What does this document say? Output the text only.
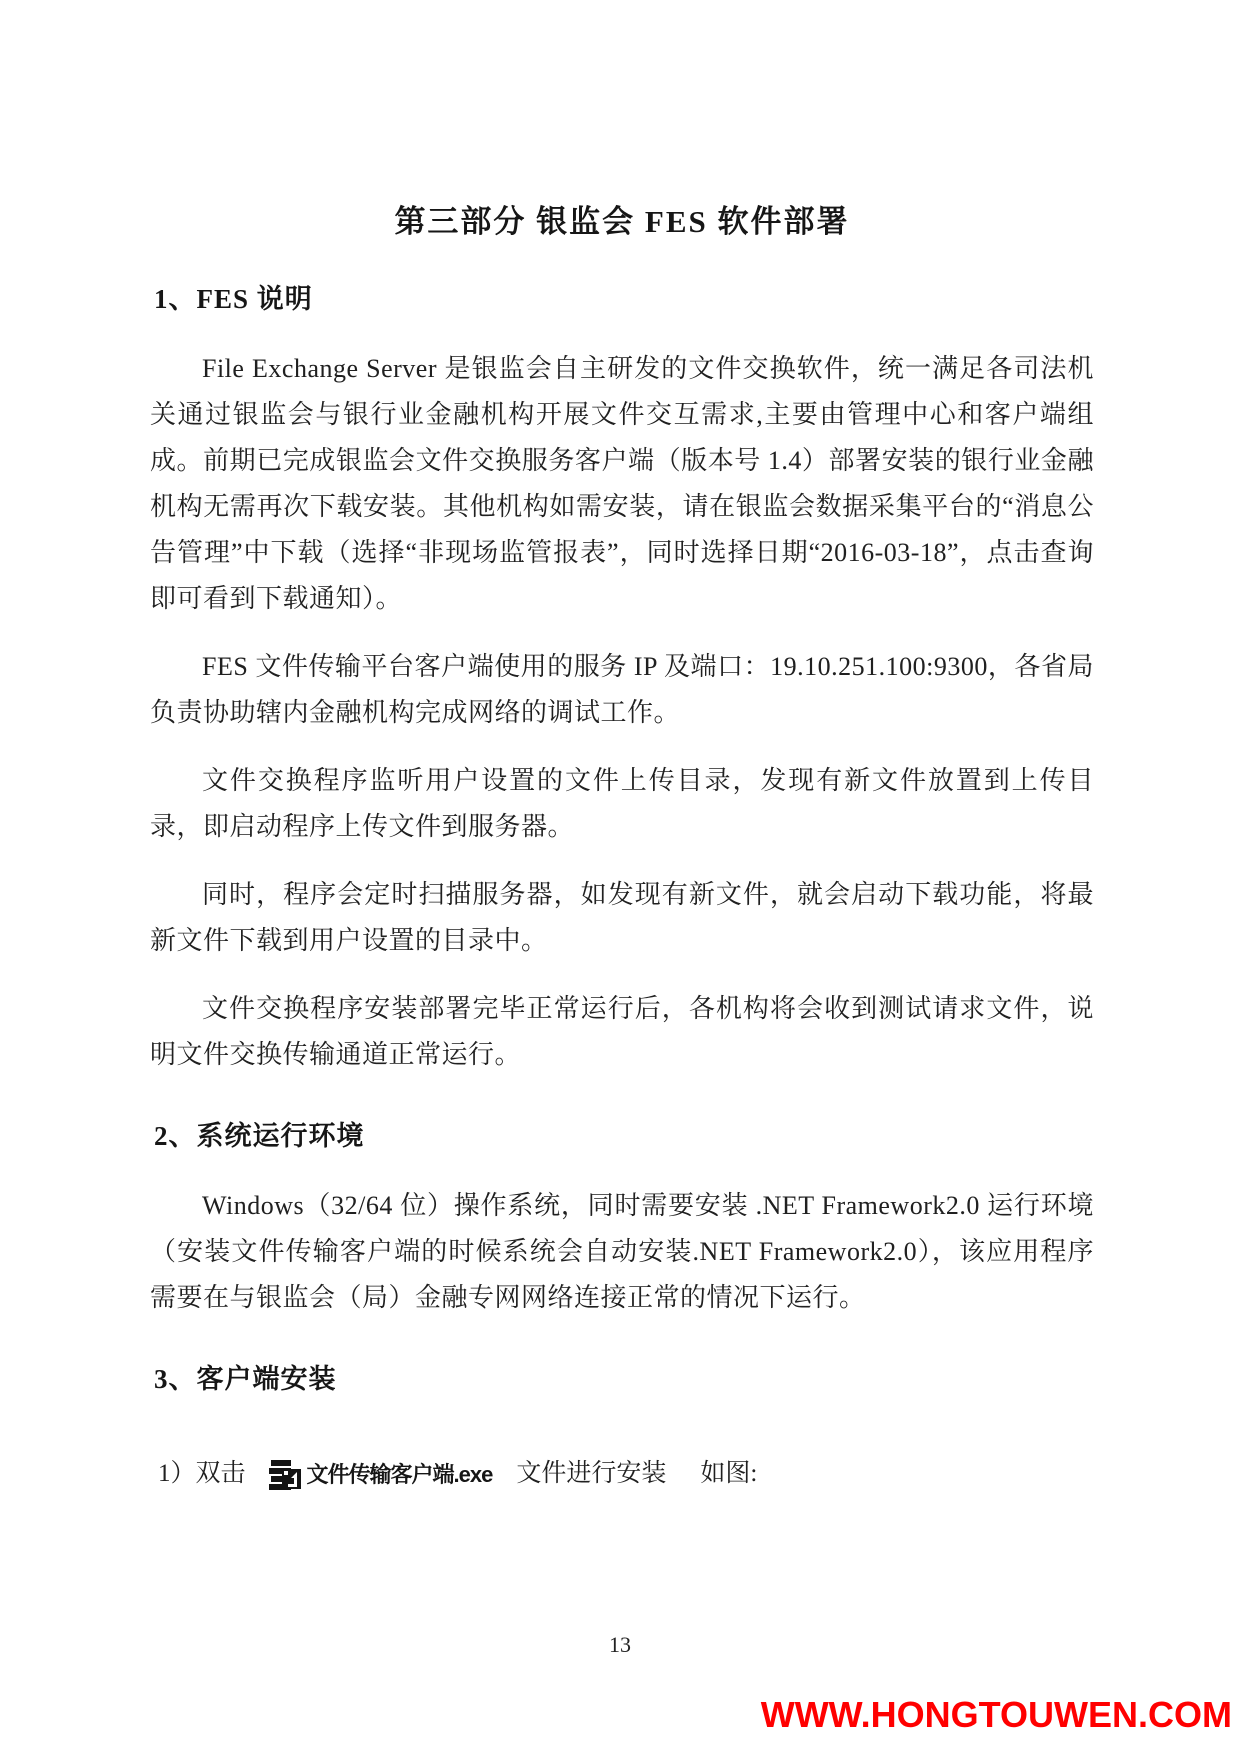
第三部分 银监会 FES 软件部署
1、FES 说明

File Exchange Server 是银监会自主研发的文件交换软件，统一满足各司法机关通过银监会与银行业金融机构开展文件交互需求,主要由管理中心和客户端组成。前期已完成银监会文件交换服务客户端（版本号 1.4）部署安装的银行业金融机构无需再次下载安装。其他机构如需安装，请在银监会数据采集平台的“消息公告管理”中下载（选择“非现场监管报表”，同时选择日期“2016-03-18”，点击查询即可看到下载通知）。

FES 文件传输平台客户端使用的服务 IP 及端口：19.10.251.100:9300，各省局负责协助辖内金融机构完成网络的调试工作。

文件交换程序监听用户设置的文件上传目录，发现有新文件放置到上传目录，即启动程序上传文件到服务器。

同时，程序会定时扫描服务器，如发现有新文件，就会启动下载功能，将最新文件下载到用户设置的目录中。

文件交换程序安装部署完毕正常运行后，各机构将会收到测试请求文件，说明文件交换传输通道正常运行。

2、系统运行环境

Windows（32/64 位）操作系统，同时需要安装 .NET Framework2.0 运行环境（安装文件传输客户端的时候系统会自动安装.NET Framework2.0），该应用程序需要在与银监会（局）金融专网网络连接正常的情况下运行。

3、客户端安装
1）双击	文件传输客户端.exe 文件进行安装 如图:
13
WWW.HONGTOUWEN.COM
